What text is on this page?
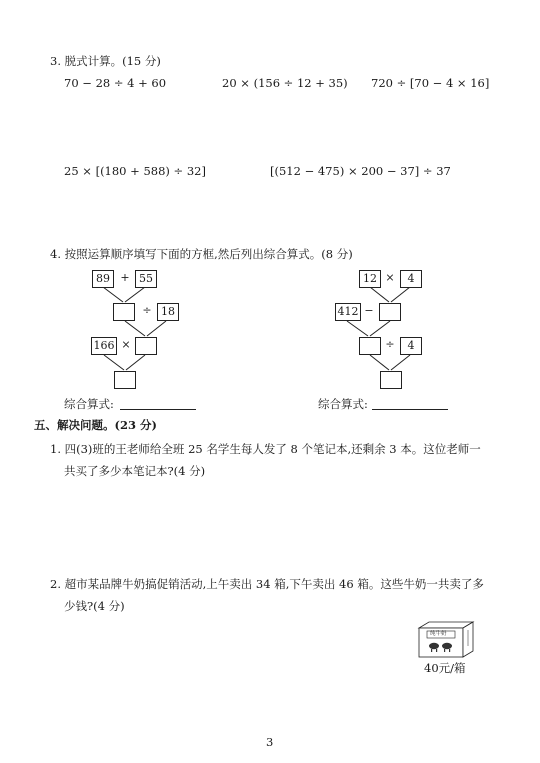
3. 脱式计算。(15 分)
70 − 28 ÷ 4 + 60	20 × (156 ÷ 12 + 35) 720 ÷ [70 − 4 × 16]
25 × [(180 + 588) ÷ 32]	[(512 − 475) × 200 − 37] ÷ 37
4. 按照运算顺序填写下面的方框,然后列出综合算式。(8 分)
89 + 55
÷ 18
166 ×
12 ×	4
412 −
÷	4
综合算式:	综合算式:
五、解决问题。(23 分)
1. 四(3)班的王老师给全班 25 名学生每人发了 8 个笔记本,还剩余 3 本。这位老师一
共买了多少本笔记本?(4 分)
2. 超市某品牌牛奶搞促销活动,上午卖出 34 箱,下午卖出 46 箱。这些牛奶一共卖了多
少钱?(4 分)
纯牛奶
40元/箱
3
